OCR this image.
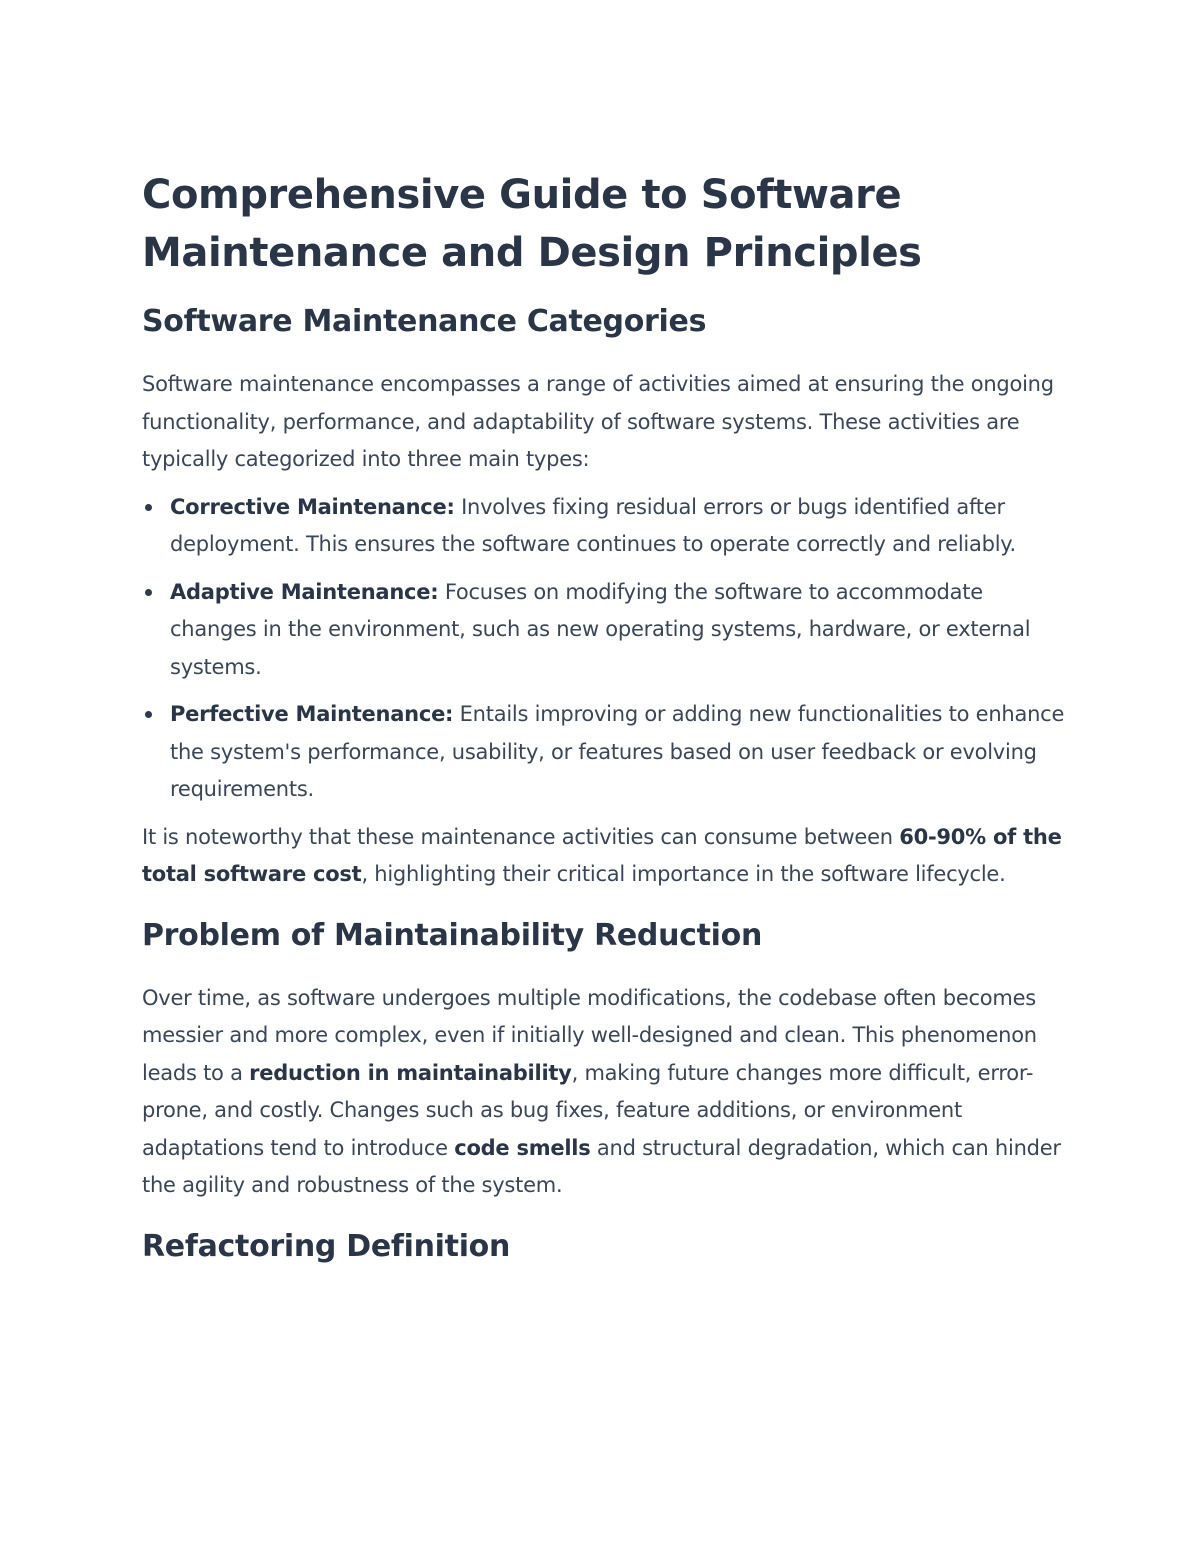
Comprehensive Guide to Software Maintenance and Design Principles
Software Maintenance Categories

Software maintenance encompasses a range of activities aimed at ensuring the ongoing functionality, performance, and adaptability of software systems. These activities are typically categorized into three main types:

Corrective Maintenance: Involves fixing residual errors or bugs identified after deployment. This ensures the software continues to operate correctly and reliably.
Adaptive Maintenance: Focuses on modifying the software to accommodate changes in the environment, such as new operating systems, hardware, or external systems.
Perfective Maintenance: Entails improving or adding new functionalities to enhance the system's performance, usability, or features based on user feedback or evolving requirements.

It is noteworthy that these maintenance activities can consume between 60-90% of the total software cost, highlighting their critical importance in the software lifecycle.

Problem of Maintainability Reduction

Over time, as software undergoes multiple modifications, the codebase often becomes messier and more complex, even if initially well-designed and clean. This phenomenon leads to a reduction in maintainability, making future changes more difficult, error-prone, and costly. Changes such as bug fixes, feature additions, or environment adaptations tend to introduce code smells and structural degradation, which can hinder the agility and robustness of the system.

Refactoring Definition
